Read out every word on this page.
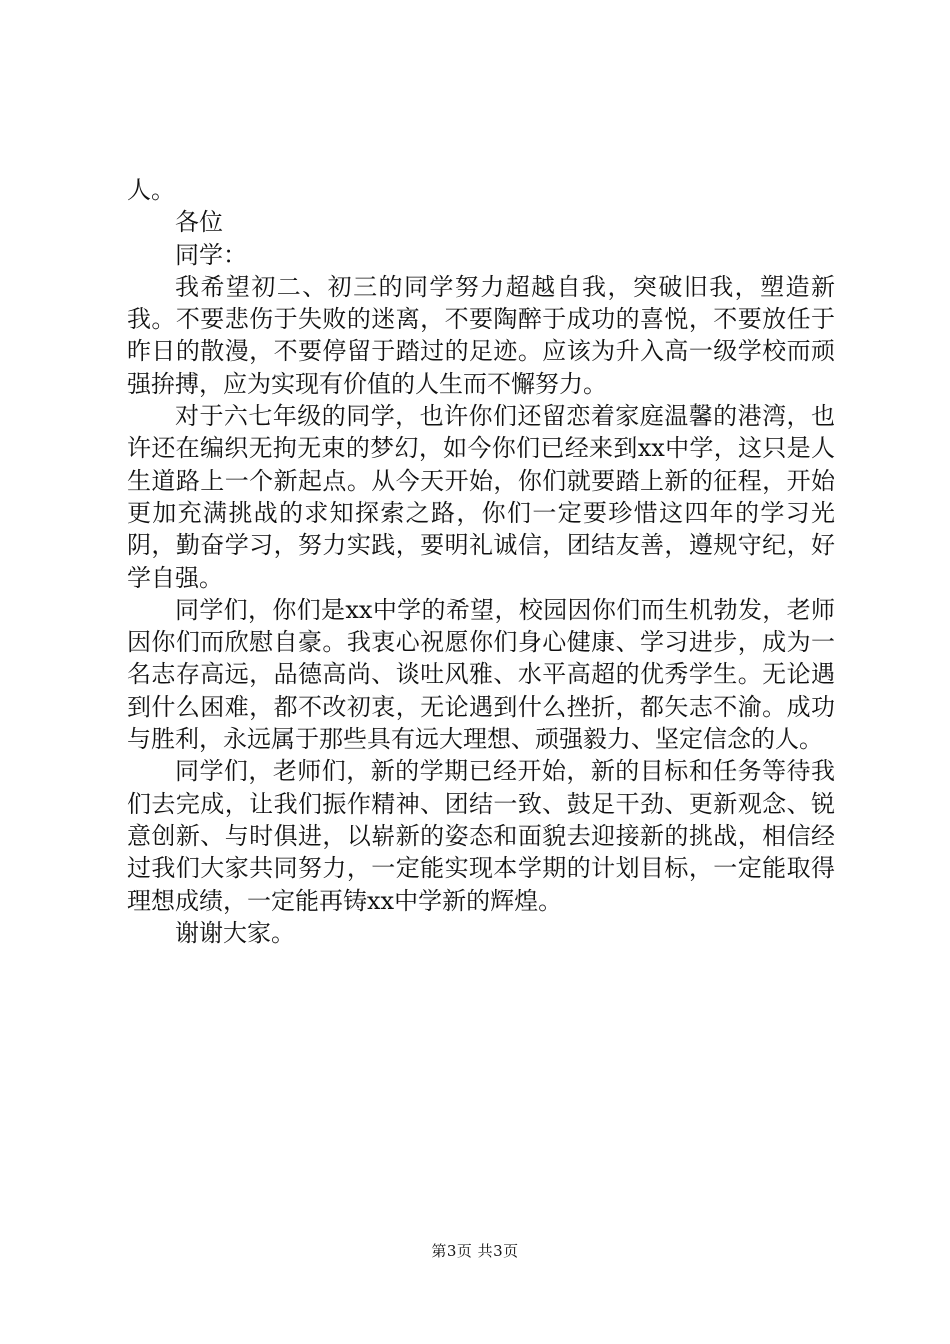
人。

各位

同学：

我希望初二、初三的同学努力超越自我，突破旧我，塑造新我。不要悲伤于失败的迷离，不要陶醉于成功的喜悦，不要放任于昨日的散漫，不要停留于踏过的足迹。应该为升入高一级学校而顽强拚搏，应为实现有价值的人生而不懈努力。

对于六七年级的同学，也许你们还留恋着家庭温馨的港湾，也许还在编织无拘无束的梦幻，如今你们已经来到xx中学，这只是人生道路上一个新起点。从今天开始，你们就要踏上新的征程，开始更加充满挑战的求知探索之路，你们一定要珍惜这四年的学习光阴，勤奋学习，努力实践，要明礼诚信，团结友善，遵规守纪，好学自强。

同学们，你们是xx中学的希望，校园因你们而生机勃发，老师因你们而欣慰自豪。我衷心祝愿你们身心健康、学习进步，成为一名志存高远，品德高尚、谈吐风雅、水平高超的优秀学生。无论遇到什么困难，都不改初衷，无论遇到什么挫折，都矢志不渝。成功与胜利，永远属于那些具有远大理想、顽强毅力、坚定信念的人。

同学们，老师们，新的学期已经开始，新的目标和任务等待我们去完成，让我们振作精神、团结一致、鼓足干劲、更新观念、锐意创新、与时俱进，以崭新的姿态和面貌去迎接新的挑战，相信经过我们大家共同努力，一定能实现本学期的计划目标，一定能取得理想成绩，一定能再铸xx中学新的辉煌。

谢谢大家。

第3页 共3页
